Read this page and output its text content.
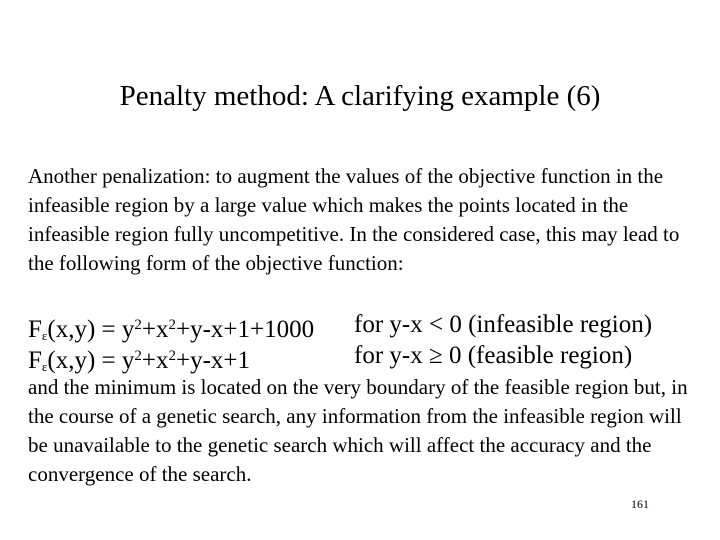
Penalty method: A clarifying example (6)
Another penalization: to augment the values of the objective function in the infeasible region by a large value which makes the points located in the infeasible region fully uncompetitive. In the considered case, this may lead to the following form of the objective function:
$F_\varepsilon(x,y) = y^2+x^2+y-x+1+1000$ for y-x < 0 (infeasible region)
$F_\varepsilon(x,y) = y^2+x^2+y-x+1$	for y-x ≥ 0 (feasible region)
and the minimum is located on the very boundary of the feasible region but, in the course of a genetic search, any information from the infeasible region will be unavailable to the genetic search which will affect the accuracy and the convergence of the search.
161
